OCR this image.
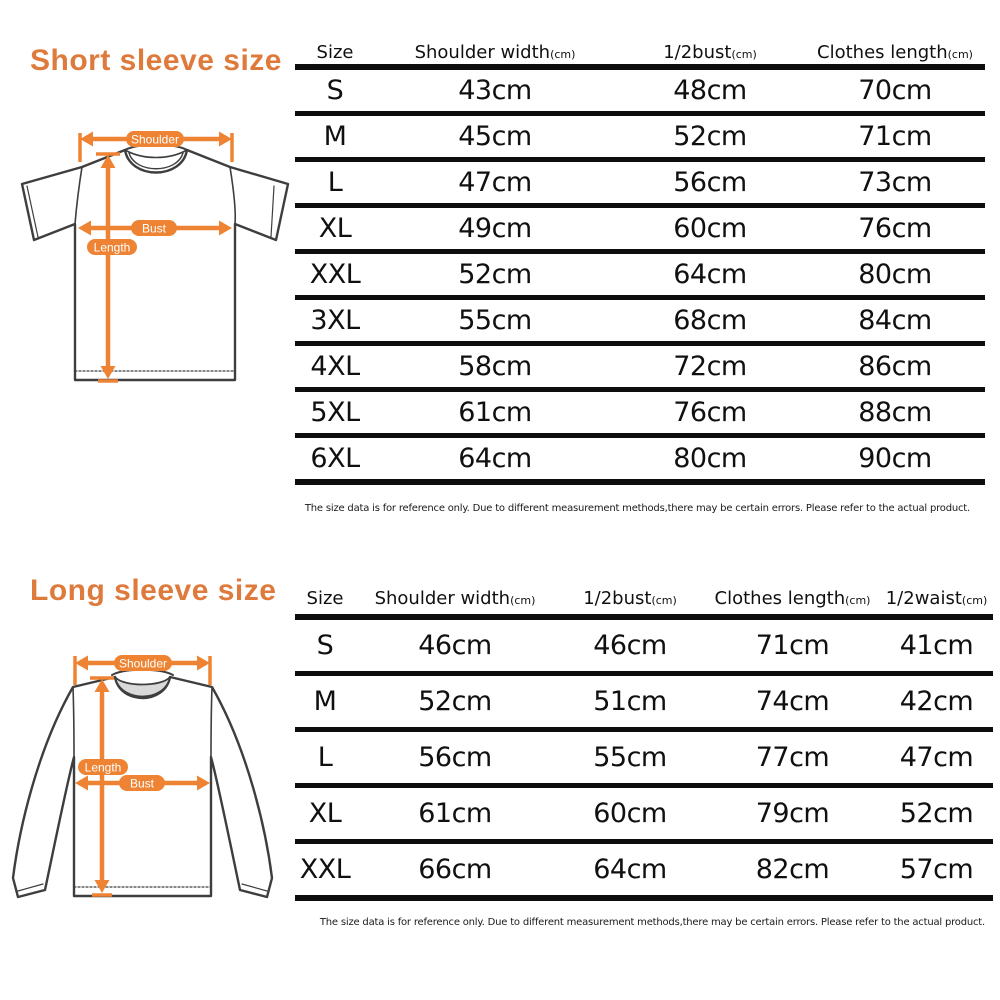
Short sleeve size
Shoulder
Bust
Length
Size	Shoulder width(cm)	1/2bust(cm)	Clothes length(cm)
S	43cm	48cm	70cm
M	45cm	52cm	71cm
L	47cm	56cm	73cm
XL	49cm	60cm	76cm
XXL	52cm	64cm	80cm
3XL	55cm	68cm	84cm
4XL	58cm	72cm	86cm
5XL	61cm	76cm	88cm
6XL	64cm	80cm	90cm

The size data is for reference only. Due to different measurement methods,there may be certain errors. Please refer to the actual product.

Long sleeve size
Shoulder
Length
Bust
Size	Shoulder width(cm)	1/2bust(cm)	Clothes length(cm) 1/2waist(cm)
S	46cm	46cm	71cm	41cm
M	52cm	51cm	74cm	42cm
L	56cm	55cm	77cm	47cm
XL	61cm	60cm	79cm	52cm
XXL	66cm	64cm	82cm	57cm

The size data is for reference only. Due to different measurement methods,there may be certain errors. Please refer to the actual product.
